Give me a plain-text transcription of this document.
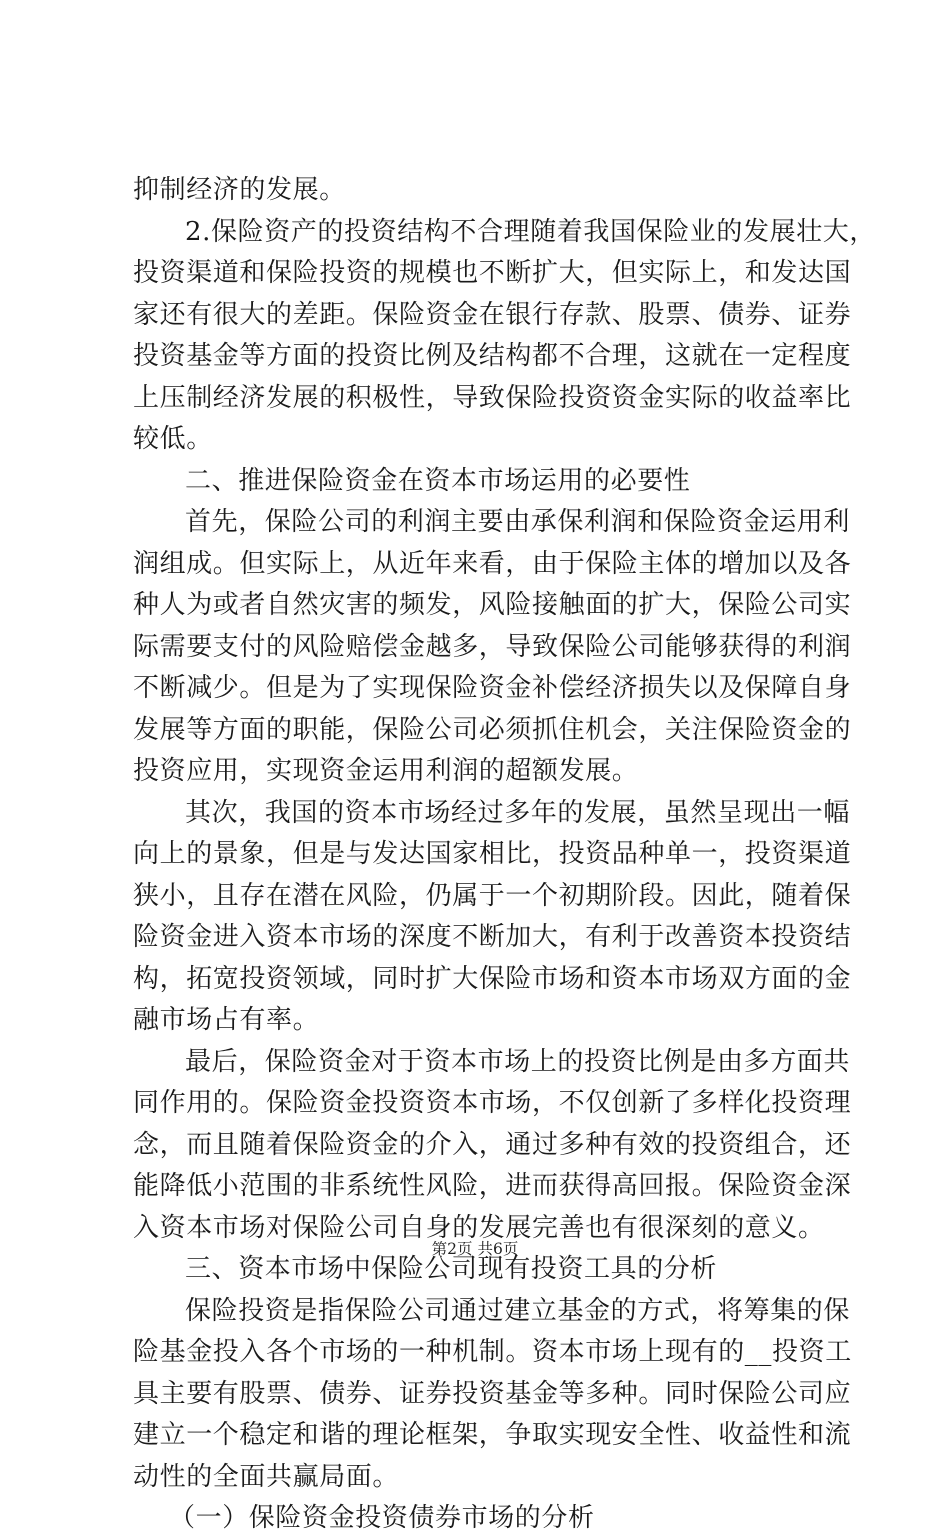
抑制经济的发展。
2.保险资产的投资结构不合理随着我国保险业的发展壮大，
投资渠道和保险投资的规模也不断扩大，但实际上，和发达国
家还有很大的差距。保险资金在银行存款、股票、债券、证券
投资基金等方面的投资比例及结构都不合理，这就在一定程度
上压制经济发展的积极性，导致保险投资资金实际的收益率比
较低。
二、推进保险资金在资本市场运用的必要性
首先，保险公司的利润主要由承保利润和保险资金运用利
润组成。但实际上，从近年来看，由于保险主体的增加以及各
种人为或者自然灾害的频发，风险接触面的扩大，保险公司实
际需要支付的风险赔偿金越多，导致保险公司能够获得的利润
不断减少。但是为了实现保险资金补偿经济损失以及保障自身
发展等方面的职能，保险公司必须抓住机会，关注保险资金的
投资应用，实现资金运用利润的超额发展。
其次，我国的资本市场经过多年的发展，虽然呈现出一幅
向上的景象，但是与发达国家相比，投资品种单一，投资渠道
狭小，且存在潜在风险，仍属于一个初期阶段。因此，随着保
险资金进入资本市场的深度不断加大，有利于改善资本投资结
构，拓宽投资领域，同时扩大保险市场和资本市场双方面的金
融市场占有率。
最后，保险资金对于资本市场上的投资比例是由多方面共
同作用的。保险资金投资资本市场，不仅创新了多样化投资理
念，而且随着保险资金的介入，通过多种有效的投资组合，还
能降低小范围的非系统性风险，进而获得高回报。保险资金深
入资本市场对保险公司自身的发展完善也有很深刻的意义。
三、资本市场中保险公司现有投资工具的分析
保险投资是指保险公司通过建立基金的方式，将筹集的保
险基金投入各个市场的一种机制。资本市场上现有的__投资工
具主要有股票、债券、证券投资基金等多种。同时保险公司应
建立一个稳定和谐的理论框架，争取实现安全性、收益性和流
动性的全面共赢局面。
（一）保险资金投资债券市场的分析
第2页 共6页
